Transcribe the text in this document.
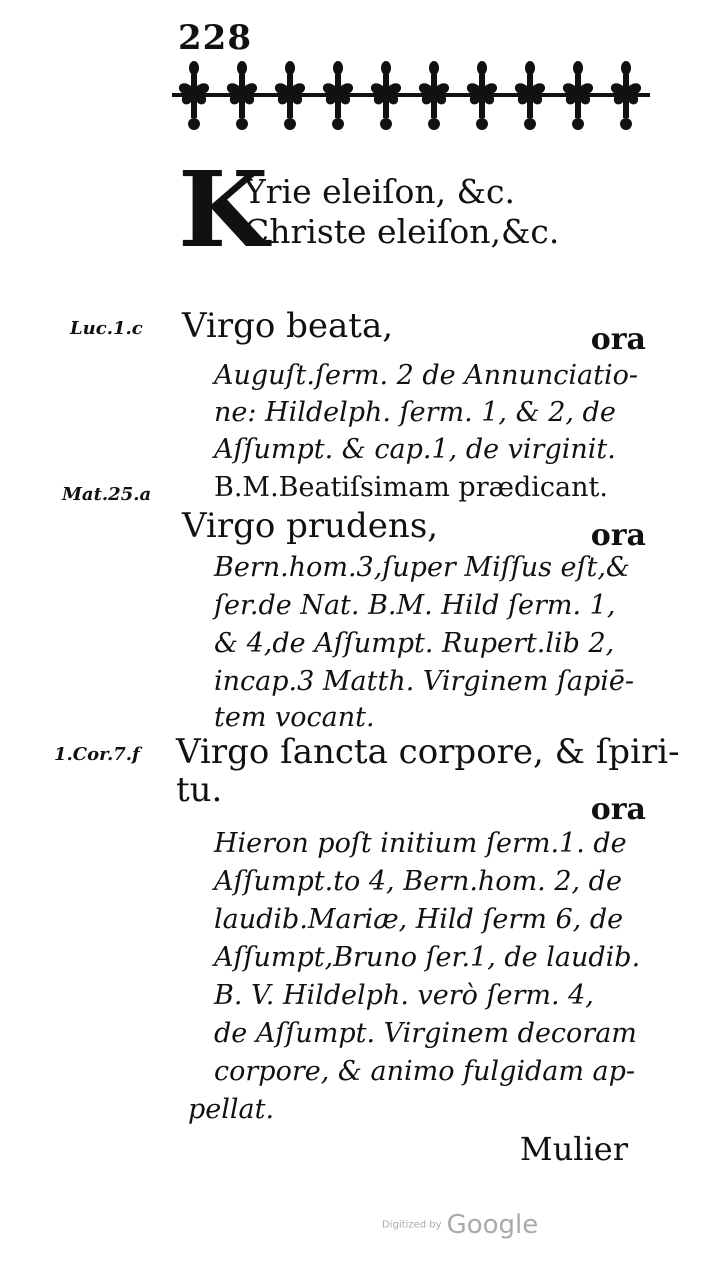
228
K
Yrie eleiſon, &c.
Christe eleiſon,&c.
Luc.1.c Virgo beata,	ora
Auguſt.ſerm. 2 de Annunciatio-
ne: Hildelph. ſerm. 1, & 2, de
Aſſumpt. & cap.1, de virginit.
Mat.25.a B.M.Beatiſsimam prædicant.
Virgo prudens,	ora
Bern.hom.3,ſuper Miſſus eſt,&
ſer.de Nat. B.M. Hild ſerm. 1,
& 4,de Aſſumpt. Rupert.lib 2,
incap.3 Matth. Virginem ſapiē-
tem vocant.
1.Cor.7.f Virgo ſancta corpore, & ſpiri-
tu.	ora
Hieron poſt initium ſerm.1. de
Aſſumpt.to 4, Bern.hom. 2, de
laudib.Mariæ, Hild ſerm 6, de
Aſſumpt,Bruno ſer.1, de laudib.
B. V. Hildelph. verò ſerm. 4,
de Aſſumpt. Virginem decoram
corpore, & animo fulgidam ap-
pellat.
Mulier
Digitized by Google
